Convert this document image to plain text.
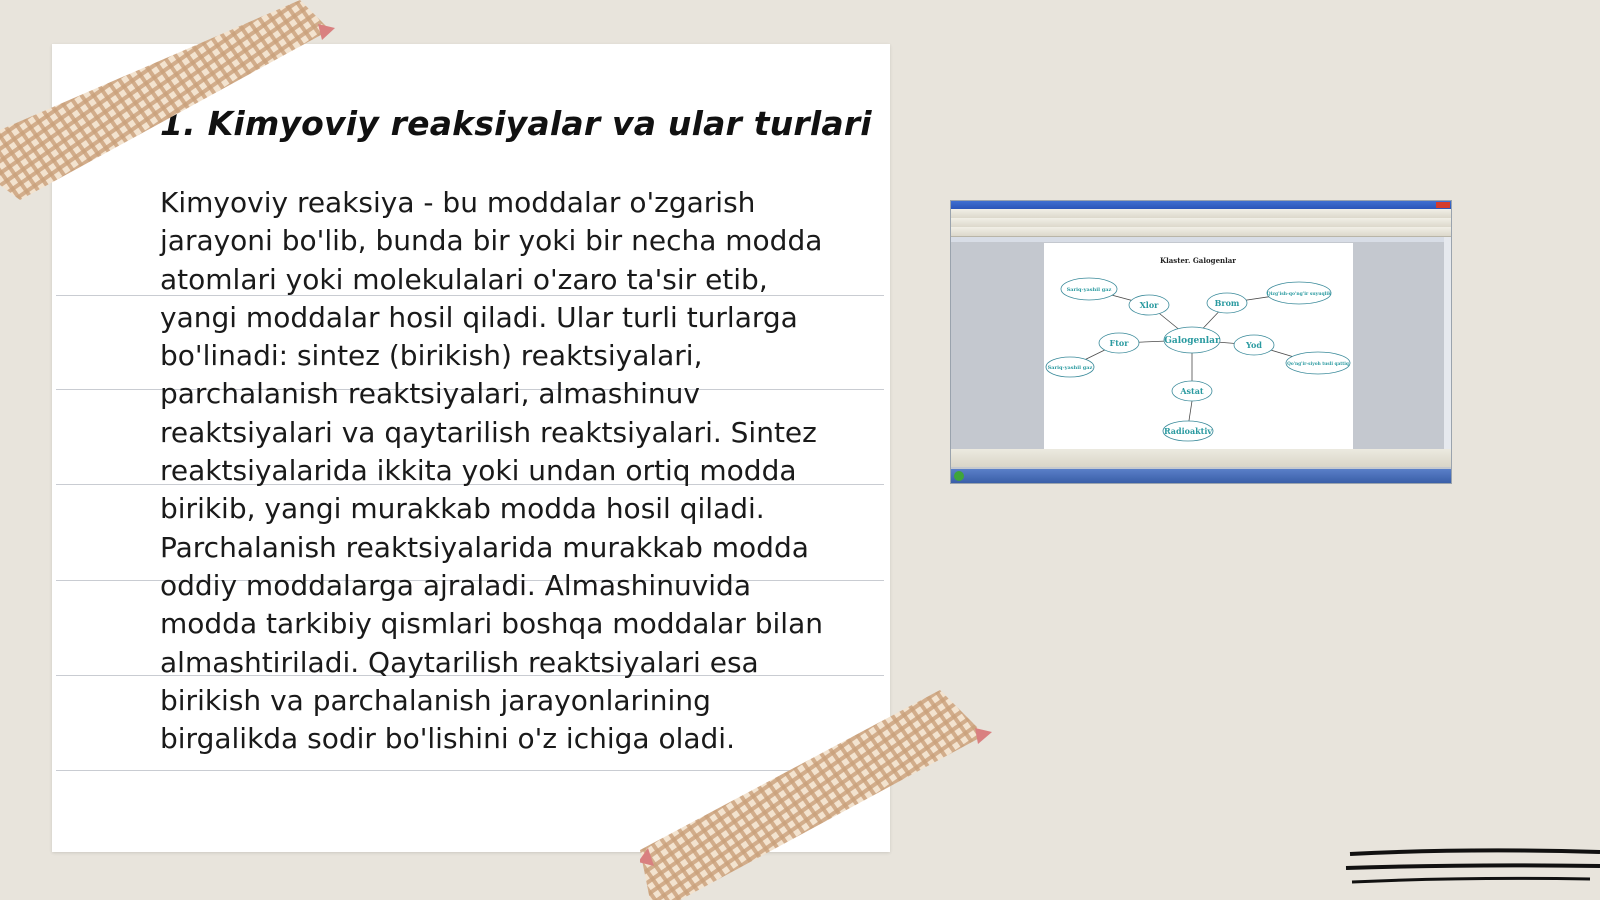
1. Kimyoviy reaksiyalar va ular turlari

Kimyoviy reaksiya - bu moddalar o'zgarish jarayoni bo'lib, bunda bir yoki bir necha modda atomlari yoki molekulalari o'zaro ta'sir etib, yangi moddalar hosil qiladi. Ular turli turlarga bo'linadi: sintez (birikish) reaktsiyalari, parchalanish reaktsiyalari, almashinuv reaktsiyalari va qaytarilish reaktsiyalari. Sintez reaktsiyalarida ikkita yoki undan ortiq modda birikib, yangi murakkab modda hosil qiladi. Parchalanish reaktsiyalarida murakkab modda oddiy moddalarga ajraladi. Almashinuvida modda tarkibiy qismlari boshqa moddalar bilan almashtiriladi. Qaytarilish reaktsiyalari esa birikish va parchalanish jarayonlarining birgalikda sodir bo'lishini o'z ichiga oladi.

Klaster. Galogenlar
Galogenlar
Xlor	Brom
Ftor	Yod
Astat
Radioaktiv
Sariq-yashil gaz
Qizg'ish-qo'ng'ir suyuqlik
Sariq-yashil gaz
Qo'ng'ir-siyoh tusli qattiq
